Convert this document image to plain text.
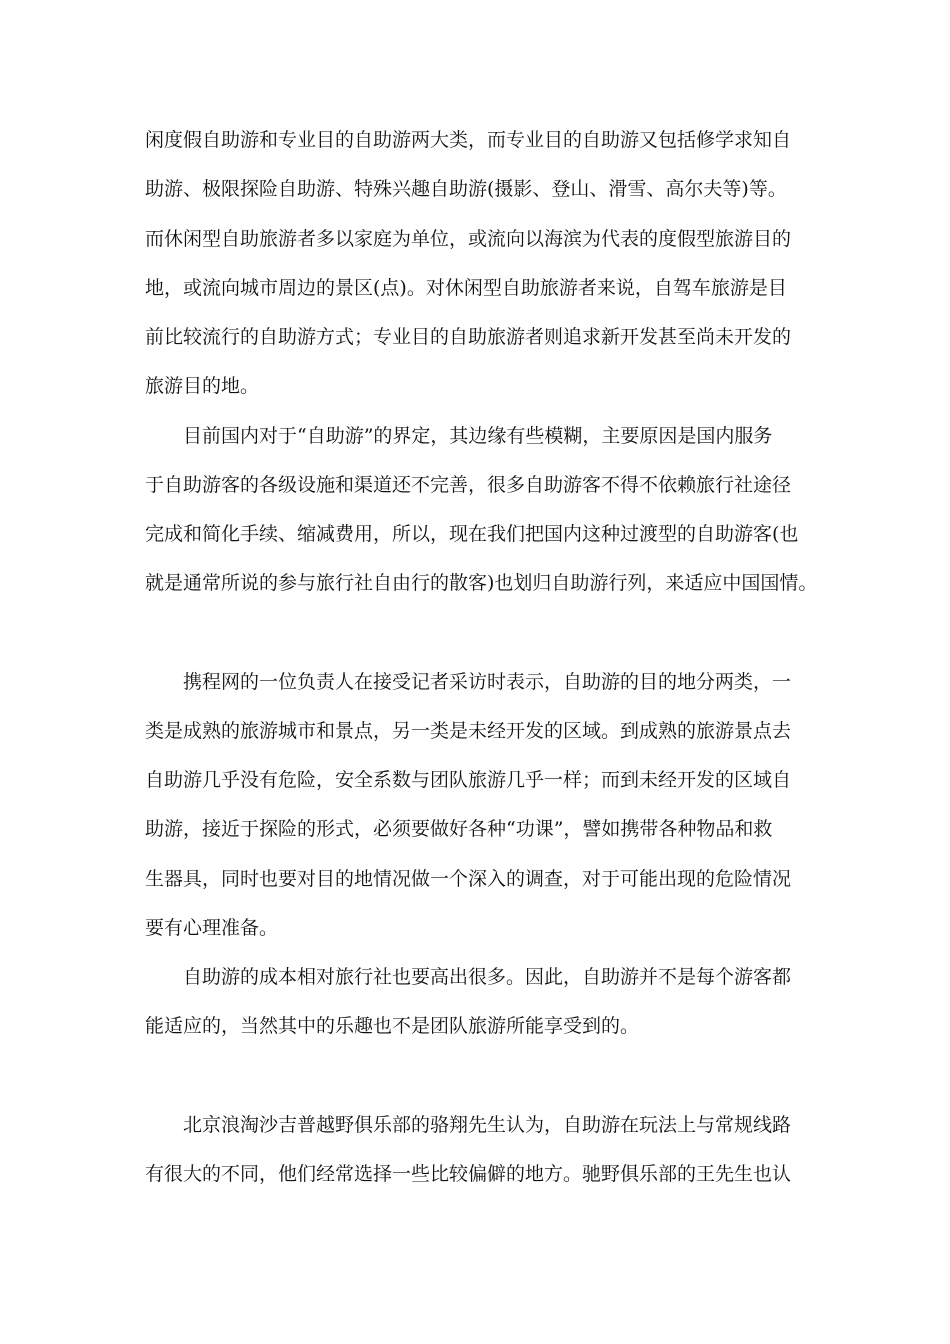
闲度假自助游和专业目的自助游两大类，而专业目的自助游又包括修学求知自
助游、极限探险自助游、特殊兴趣自助游(摄影、登山、滑雪、高尔夫等)等。
而休闲型自助旅游者多以家庭为单位，或流向以海滨为代表的度假型旅游目的
地，或流向城市周边的景区(点)。对休闲型自助旅游者来说，自驾车旅游是目
前比较流行的自助游方式；专业目的自助旅游者则追求新开发甚至尚未开发的
旅游目的地。
目前国内对于“自助游”的界定，其边缘有些模糊，主要原因是国内服务
于自助游客的各级设施和渠道还不完善，很多自助游客不得不依赖旅行社途径
完成和简化手续、缩减费用，所以，现在我们把国内这种过渡型的自助游客(也
就是通常所说的参与旅行社自由行的散客)也划归自助游行列，来适应中国国情。
携程网的一位负责人在接受记者采访时表示，自助游的目的地分两类，一
类是成熟的旅游城市和景点，另一类是未经开发的区域。到成熟的旅游景点去
自助游几乎没有危险，安全系数与团队旅游几乎一样；而到未经开发的区域自
助游，接近于探险的形式，必须要做好各种“功课”，譬如携带各种物品和救
生器具，同时也要对目的地情况做一个深入的调查，对于可能出现的危险情况
要有心理准备。
自助游的成本相对旅行社也要高出很多。因此，自助游并不是每个游客都
能适应的，当然其中的乐趣也不是团队旅游所能享受到的。
北京浪淘沙吉普越野俱乐部的骆翔先生认为，自助游在玩法上与常规线路
有很大的不同，他们经常选择一些比较偏僻的地方。驰野俱乐部的王先生也认
